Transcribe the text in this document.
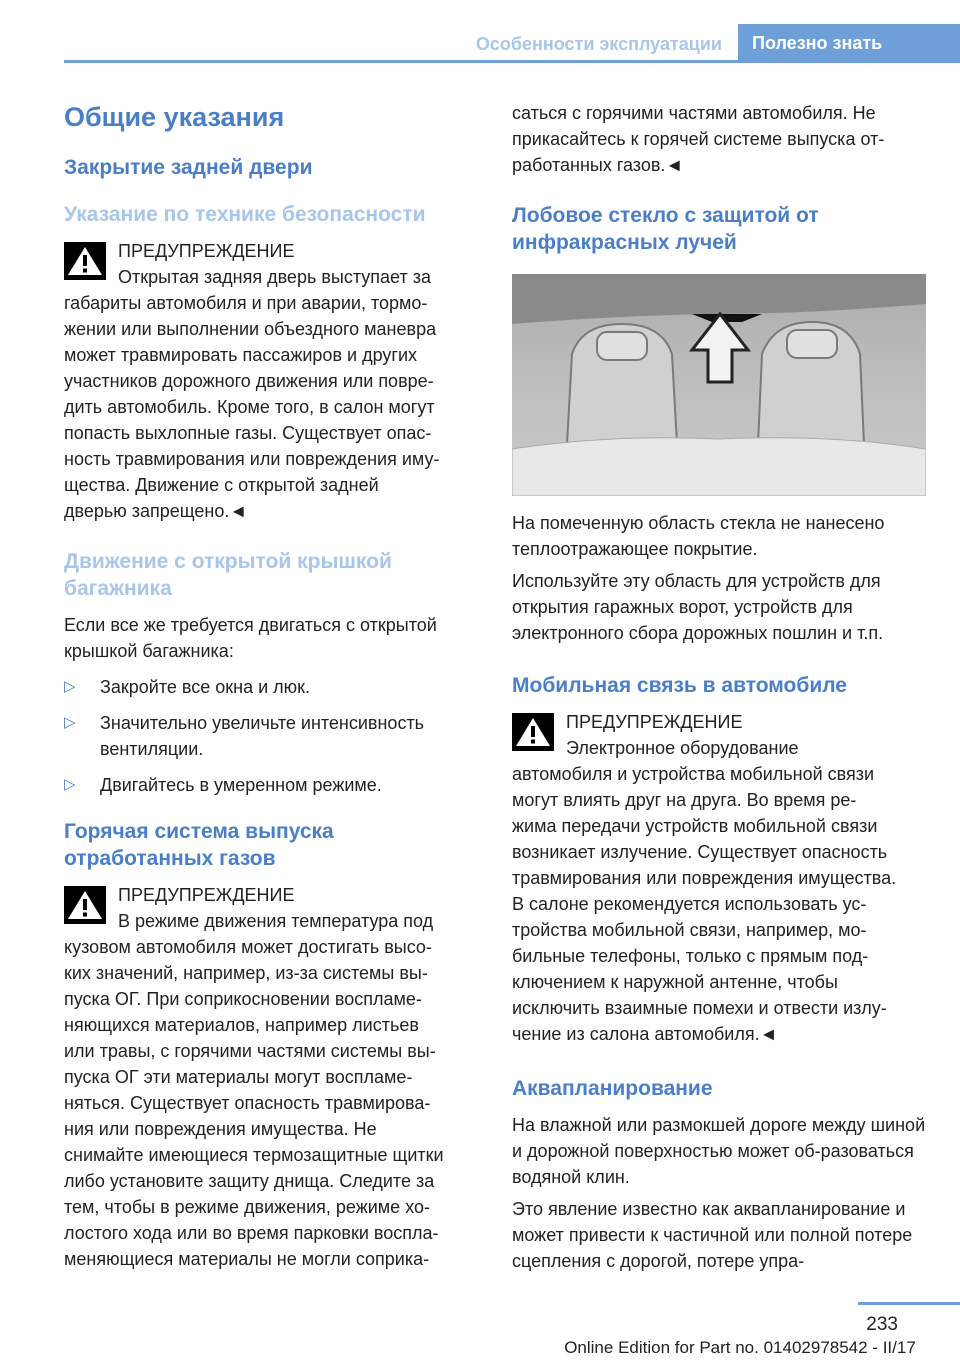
Особенности эксплуатации	Полезно знать
Общие указания
Закрытие задней двери
Указание по технике безопасности
ПРЕДУПРЕЖДЕНИЕ
Открытая задняя дверь выступает за
габариты автомобиля и при аварии, тормо-
жении или выполнении объездного маневра
может травмировать пассажиров и других
участников дорожного движения или повре-
дить автомобиль. Кроме того, в салон могут
попасть выхлопные газы. Существует опас-
ность травмирования или повреждения иму-
щества. Движение с открытой задней
дверью запрещено.◄
Движение с открытой крышкой багажника
Если все же требуется двигаться с открытой крышкой багажника:
▷ Закройте все окна и люк.
▷ Значительно увеличьте интенсивность вентиляции.
▷ Двигайтесь в умеренном режиме.
Горячая система выпуска отработанных газов
ПРЕДУПРЕЖДЕНИЕ
В режиме движения температура под
кузовом автомобиля может достигать высо-
ких значений, например, из-за системы вы-
пуска ОГ. При соприкосновении воспламе-
няющихся материалов, например листьев
или травы, с горячими частями системы вы-
пуска ОГ эти материалы могут воспламе-
няться. Существует опасность травмирова-
ния или повреждения имущества. Не
снимайте имеющиеся термозащитные щитки
либо установите защиту днища. Следите за
тем, чтобы в режиме движения, режиме хо-
лостого хода или во время парковки воспла-
меняющиеся материалы не могли соприка-
саться с горячими частями автомобиля. Не
прикасайтесь к горячей системе выпуска от-
работанных газов.◄
Лобовое стекло с защитой от инфракрасных лучей
На помеченную область стекла не нанесено теплоотражающее покрытие.
Используйте эту область для устройств для открытия гаражных ворот, устройств для электронного сбора дорожных пошлин и т.п.
Мобильная связь в автомобиле
ПРЕДУПРЕЖДЕНИЕ
Электронное оборудование
автомобиля и устройства мобильной связи
могут влиять друг на друга. Во время ре-
жима передачи устройств мобильной связи
возникает излучение. Существует опасность
травмирования или повреждения имущества.
В салоне рекомендуется использовать ус-
тройства мобильной связи, например, мо-
бильные телефоны, только с прямым под-
ключением к наружной антенне, чтобы
исключить взаимные помехи и отвести излу-
чение из салона автомобиля.◄
Аквапланирование
На влажной или размокшей дороге между шиной и дорожной поверхностью может об-разоваться водяной клин.
Это явление известно как аквапланирование и может привести к частичной или полной потере сцепления с дорогой, потере упра-
233
Online Edition for Part no. 01402978542 - II/17
